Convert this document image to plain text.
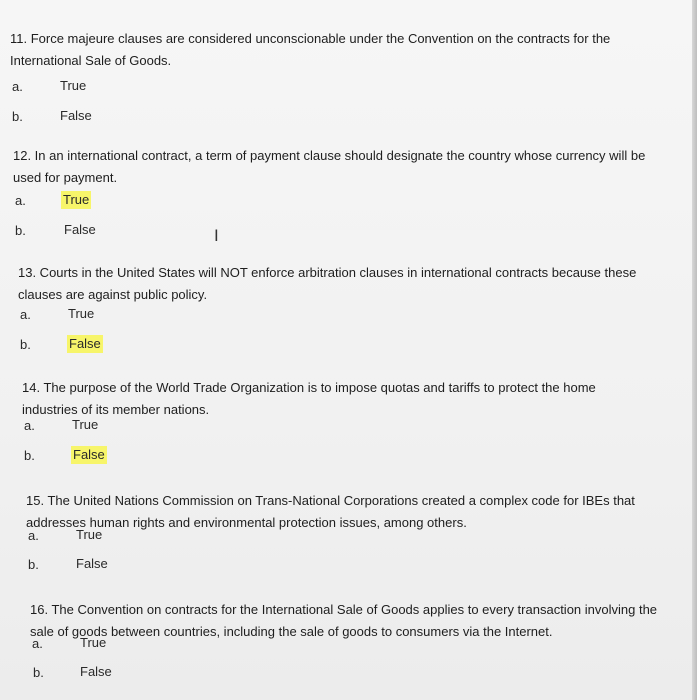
11. Force majeure clauses are considered unconscionable under the Convention on the contracts for the International Sale of Goods.

a.	True
b.	False

12. In an international contract, a term of payment clause should designate the country whose currency will be used for payment.

a.	True
b.	False	I

13. Courts in the United States will NOT enforce arbitration clauses in international contracts because these clauses are against public policy.

a.	True
b.	False

14. The purpose of the World Trade Organization is to impose quotas and tariffs to protect the home industries of its member nations.

a.	True
b.	False

15. The United Nations Commission on Trans-National Corporations created a complex code for IBEs that addresses human rights and environmental protection issues, among others.

a.	True
b.	False

16. The Convention on contracts for the International Sale of Goods applies to every transaction involving the sale of goods between countries, including the sale of goods to consumers via the Internet.

a.	True
b.	False
